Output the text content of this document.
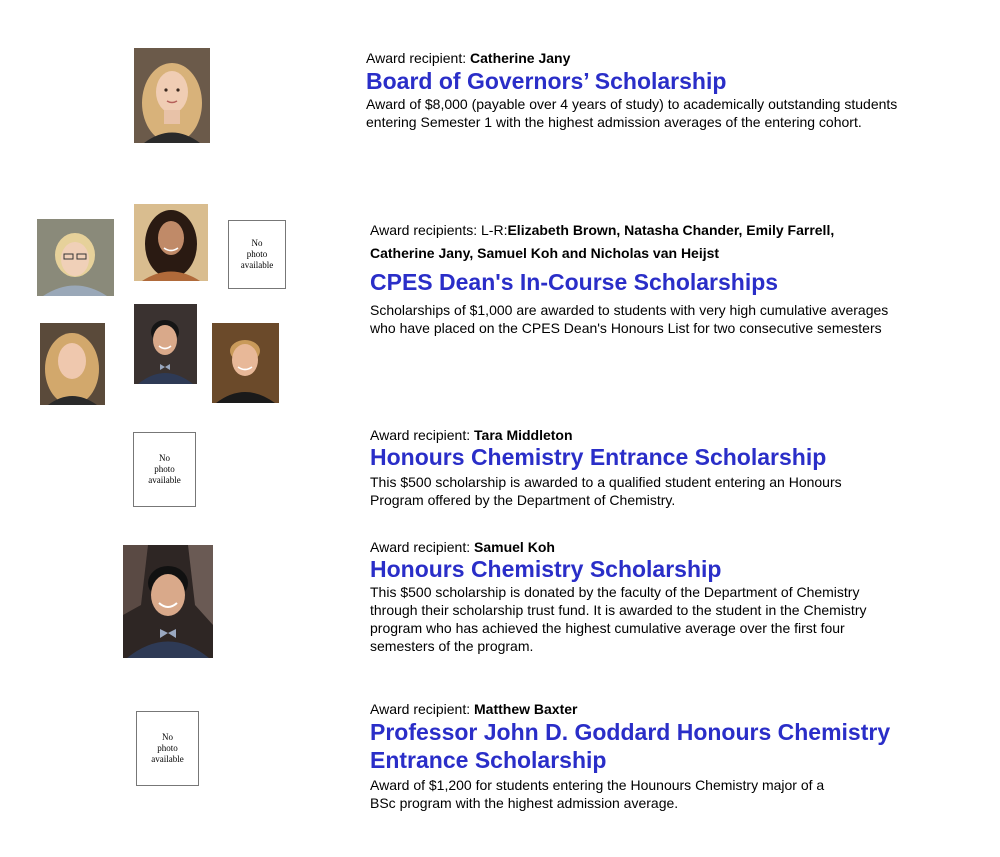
Award recipient: Catherine Jany
Board of Governors’ Scholarship
Award of $8,000 (payable over 4 years of study) to academically outstanding students
entering Semester 1 with the highest admission averages of the entering cohort.
No
photo
available
Award recipients: L-R:Elizabeth Brown, Natasha Chander, Emily Farrell,
Catherine Jany, Samuel Koh and Nicholas van Heijst
CPES Dean's In-Course Scholarships
Scholarships of $1,000 are awarded to students with very high cumulative averages
who have placed on the CPES Dean's Honours List for two consecutive semesters
No
photo
available
Award recipient: Tara Middleton
Honours Chemistry Entrance Scholarship
This $500 scholarship is awarded to a qualified student entering an Honours
Program offered by the Department of Chemistry.
Award recipient: Samuel Koh
Honours Chemistry Scholarship
This $500 scholarship is donated by the faculty of the Department of Chemistry
through their scholarship trust fund. It is awarded to the student in the Chemistry
program who has achieved the highest cumulative average over the first four
semesters of the program.
No
photo
available
Award recipient: Matthew Baxter
Professor John D. Goddard Honours Chemistry
Entrance Scholarship
Award of $1,200 for students entering the Hounours Chemistry major of a
BSc program with the highest admission average.
